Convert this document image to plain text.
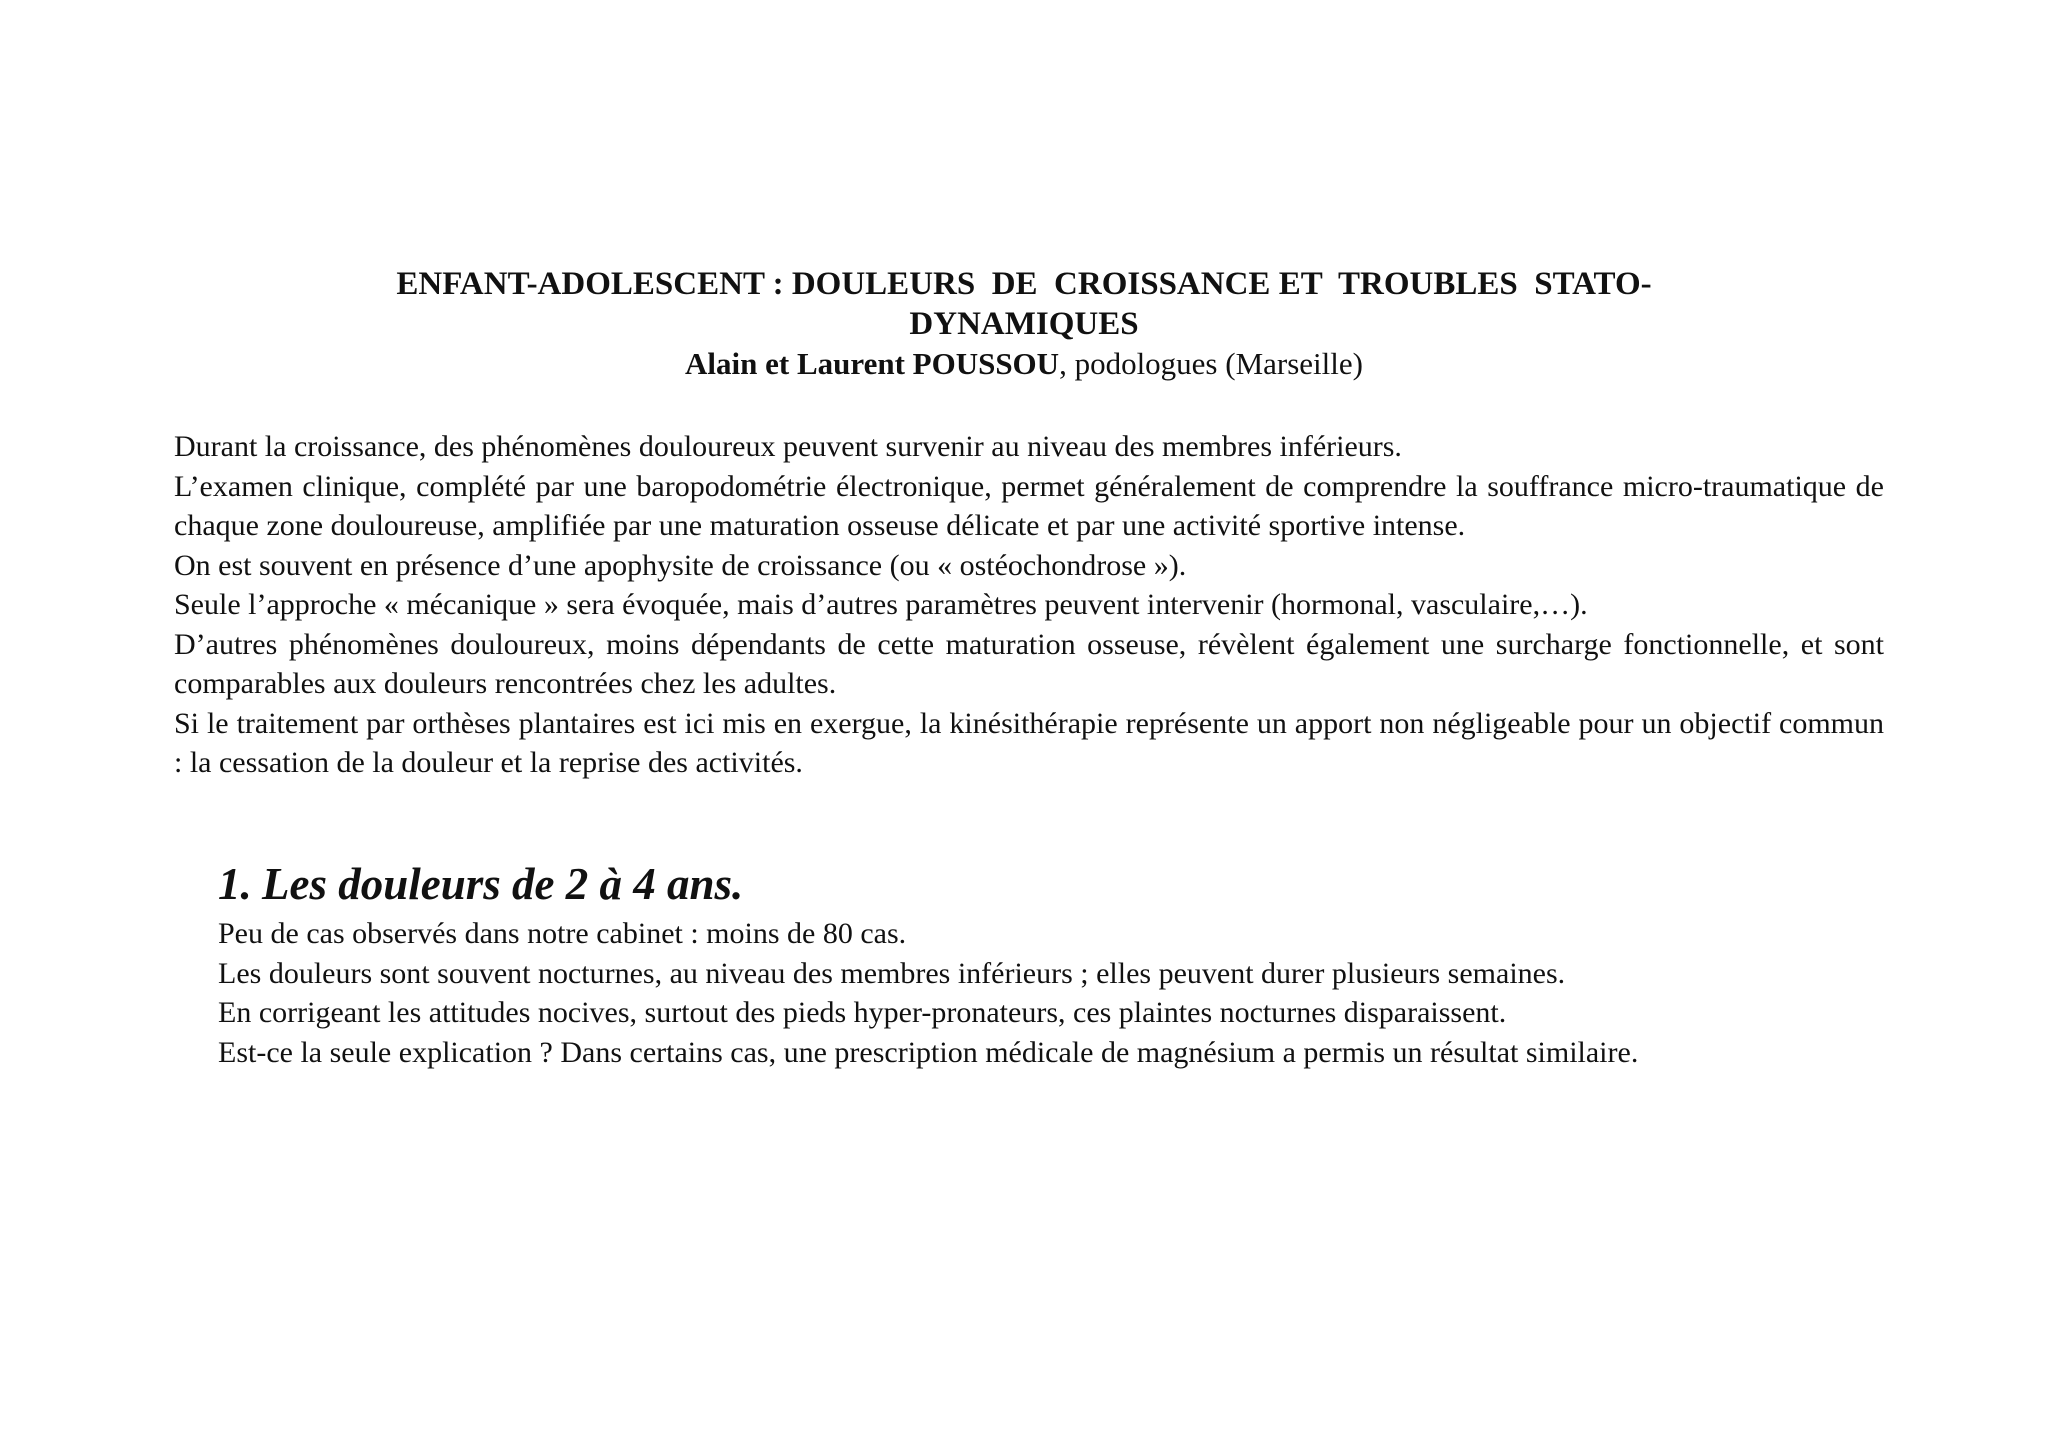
ENFANT-ADOLESCENT : DOULEURS  DE  CROISSANCE ET  TROUBLES  STATO-
DYNAMIQUES

Alain et Laurent POUSSOU, podologues (Marseille)

Durant la croissance, des phénomènes douloureux peuvent survenir au niveau des membres inférieurs.

L’examen clinique, complété par une baropodométrie électronique, permet généralement de comprendre la souffrance micro-traumatique de chaque zone douloureuse, amplifiée par une maturation osseuse délicate et par une activité sportive intense.

On est souvent en présence d’une apophysite de croissance (ou « ostéochondrose »).

Seule l’approche « mécanique » sera évoquée, mais d’autres paramètres peuvent intervenir (hormonal, vasculaire,…).

D’autres phénomènes douloureux, moins dépendants de cette maturation osseuse, révèlent également une surcharge fonctionnelle, et sont comparables aux douleurs rencontrées chez les adultes.

Si le traitement par orthèses plantaires est ici mis en exergue, la kinésithérapie représente un apport non négligeable pour un objectif commun : la cessation de la douleur et la reprise des activités.

1. Les douleurs de 2 à 4 ans.

Peu de cas observés dans notre cabinet : moins de 80 cas.

Les douleurs sont souvent nocturnes, au niveau des membres inférieurs ; elles peuvent durer plusieurs semaines.

En corrigeant les attitudes nocives, surtout des pieds hyper-pronateurs, ces plaintes nocturnes disparaissent.

Est-ce la seule explication ? Dans certains cas, une prescription médicale de magnésium a permis un résultat similaire.
